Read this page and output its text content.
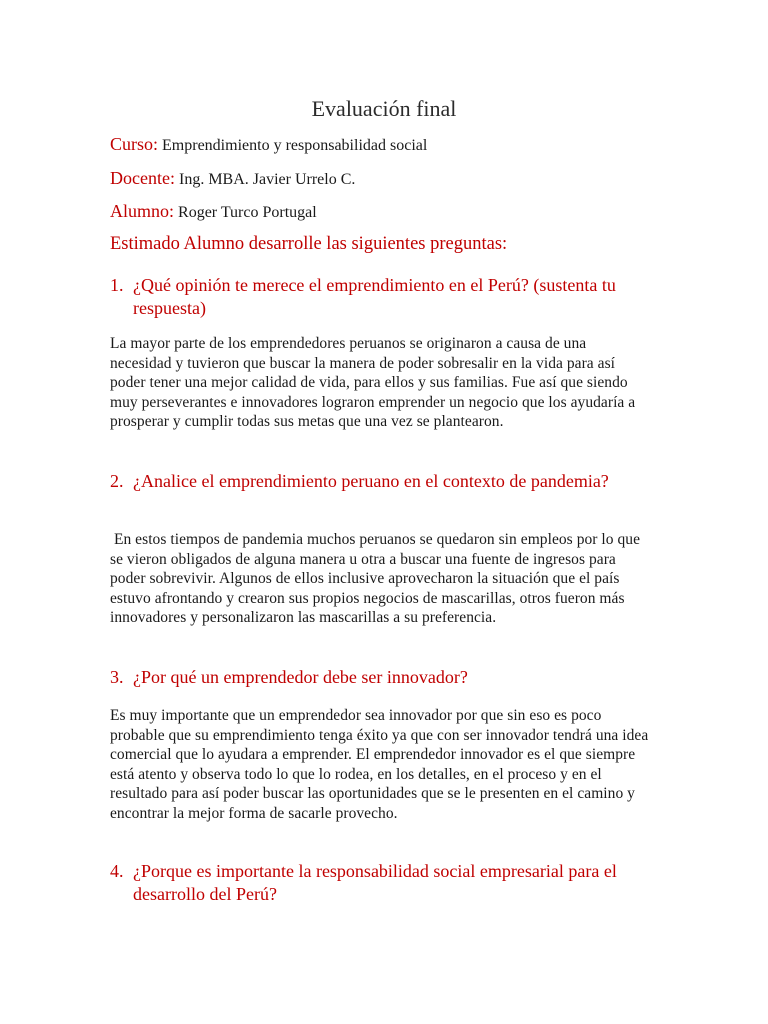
Evaluación final
Curso: Emprendimiento y responsabilidad social
Docente: Ing. MBA. Javier Urrelo C.
Alumno: Roger Turco Portugal
Estimado Alumno desarrolle las siguientes preguntas:
1. ¿Qué opinión te merece el emprendimiento en el Perú? (sustenta tu respuesta)
La mayor parte de los emprendedores peruanos se originaron a causa de una necesidad y tuvieron que buscar la manera de poder sobresalir en la vida para así poder tener una mejor calidad de vida, para ellos y sus familias. Fue así que siendo muy perseverantes e innovadores lograron emprender un negocio que los ayudaría a prosperar y cumplir todas sus metas que una vez se plantearon.
2. ¿Analice el emprendimiento peruano en el contexto de pandemia?
En estos tiempos de pandemia muchos peruanos se quedaron sin empleos por lo que se vieron obligados de alguna manera u otra a buscar una fuente de ingresos para poder sobrevivir. Algunos de ellos inclusive aprovecharon la situación que el país estuvo afrontando y crearon sus propios negocios de mascarillas, otros fueron más innovadores y personalizaron las mascarillas a su preferencia.
3. ¿Por qué un emprendedor debe ser innovador?
Es muy importante que un emprendedor sea innovador por que sin eso es poco probable que su emprendimiento tenga éxito ya que con ser innovador tendrá una idea comercial que lo ayudara a emprender. El emprendedor innovador es el que siempre está atento y observa todo lo que lo rodea, en los detalles, en el proceso y en el resultado para así poder buscar las oportunidades que se le presenten en el camino y encontrar la mejor forma de sacarle provecho.
4. ¿Porque es importante la responsabilidad social empresarial para el desarrollo del Perú?
